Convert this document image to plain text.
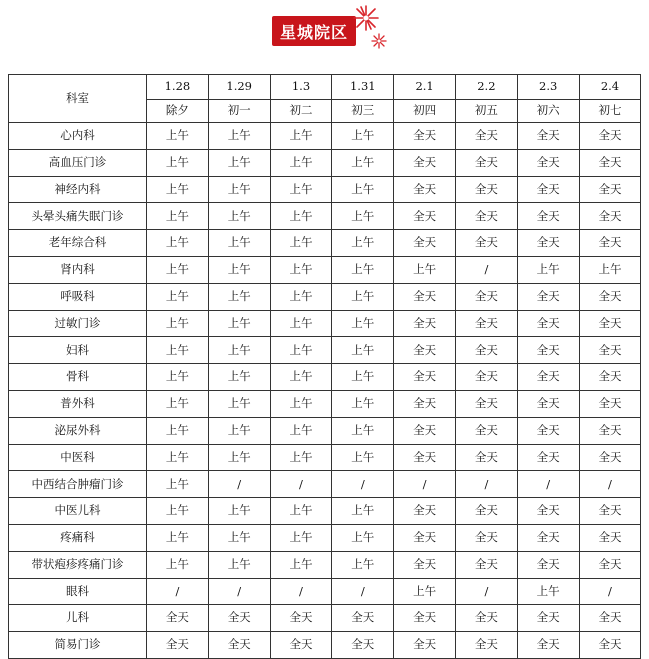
星城院区
科室	1.28	1.29	1.3	1.31	2.1	2.2	2.3	2.4
	除夕	初一	初二	初三	初四	初五	初六	初七
心内科	上午	上午	上午	上午	全天	全天	全天	全天
高血压门诊	上午	上午	上午	上午	全天	全天	全天	全天
神经内科	上午	上午	上午	上午	全天	全天	全天	全天
头晕头痛失眠门诊	上午	上午	上午	上午	全天	全天	全天	全天
老年综合科	上午	上午	上午	上午	全天	全天	全天	全天
肾内科	上午	上午	上午	上午	上午	/	上午	上午
呼吸科	上午	上午	上午	上午	全天	全天	全天	全天
过敏门诊	上午	上午	上午	上午	全天	全天	全天	全天
妇科	上午	上午	上午	上午	全天	全天	全天	全天
骨科	上午	上午	上午	上午	全天	全天	全天	全天
普外科	上午	上午	上午	上午	全天	全天	全天	全天
泌尿外科	上午	上午	上午	上午	全天	全天	全天	全天
中医科	上午	上午	上午	上午	全天	全天	全天	全天
中西结合肿瘤门诊	上午	/	/	/	/	/	/	/
中医儿科	上午	上午	上午	上午	全天	全天	全天	全天
疼痛科	上午	上午	上午	上午	全天	全天	全天	全天
带状疱疹疼痛门诊	上午	上午	上午	上午	全天	全天	全天	全天
眼科	/	/	/	/	上午	/	上午	/
儿科	全天	全天	全天	全天	全天	全天	全天	全天
简易门诊	全天	全天	全天	全天	全天	全天	全天	全天
